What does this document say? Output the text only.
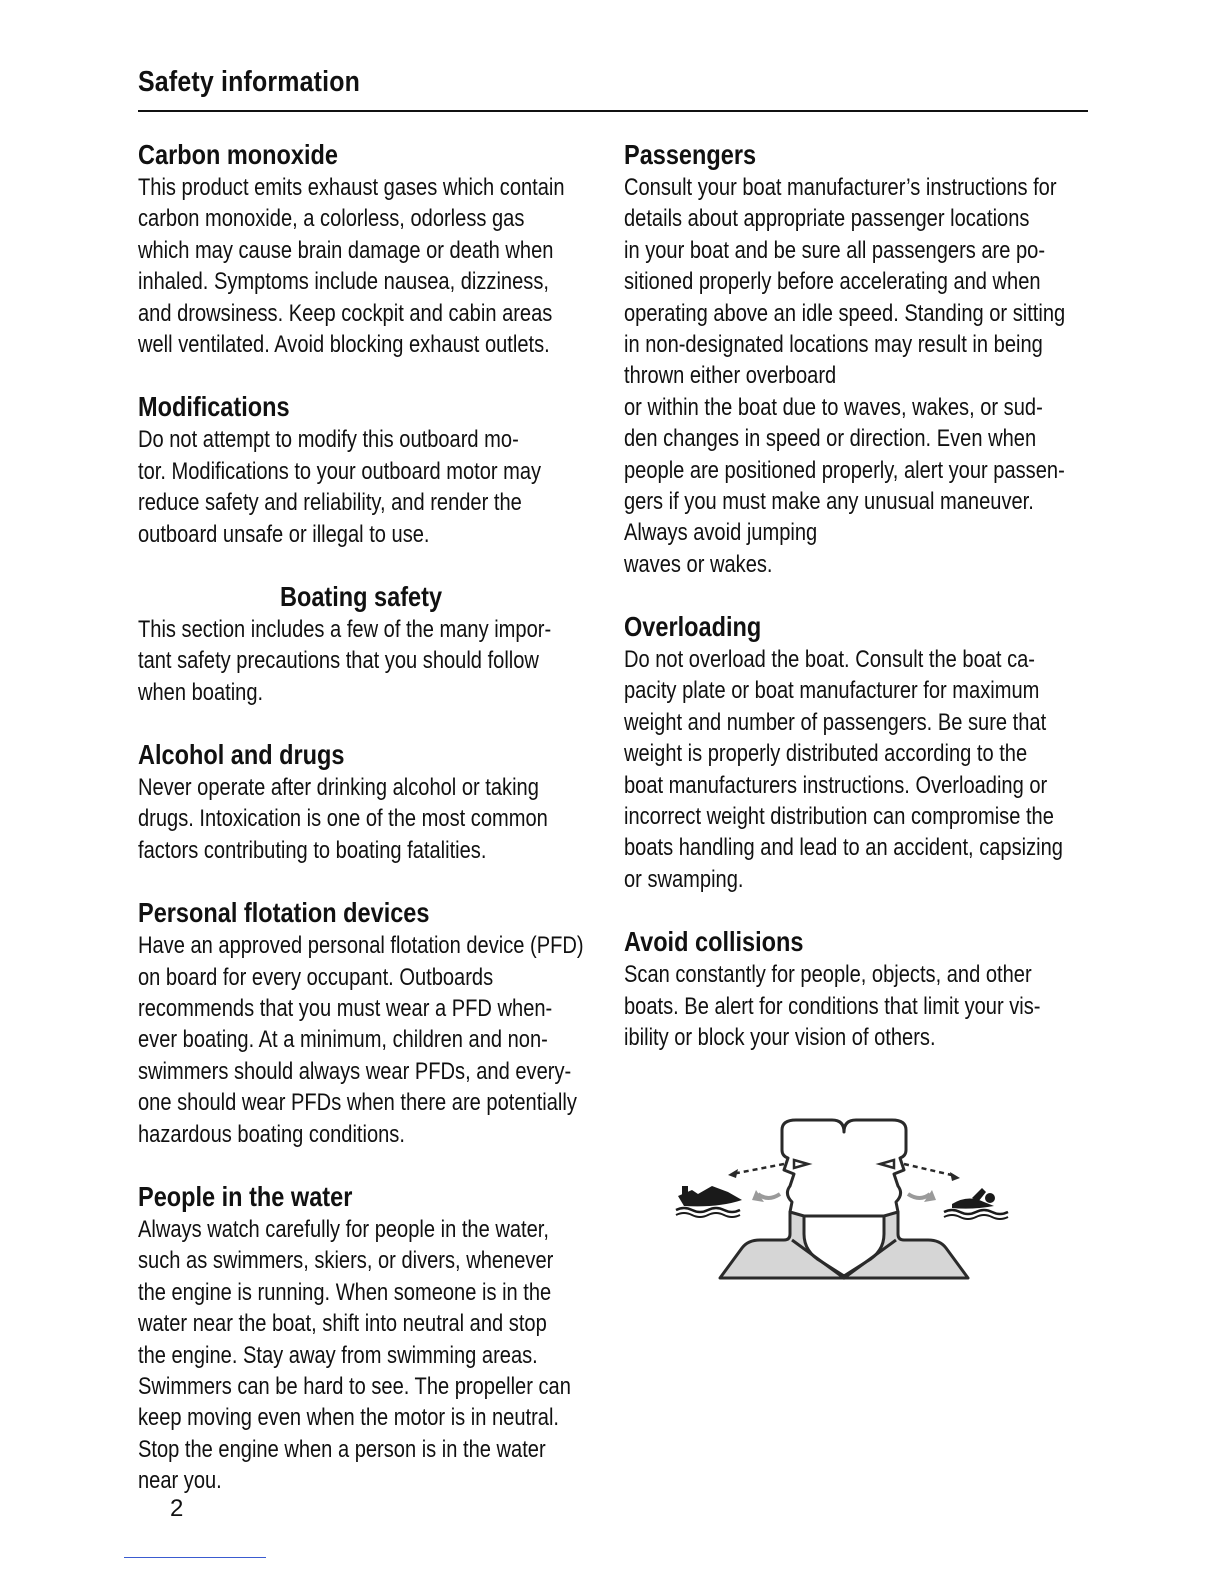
Safety information
Carbon monoxide
This product emits exhaust gases which contain
carbon monoxide, a colorless, odorless gas
which may cause brain damage or death when
inhaled. Symptoms include nausea, dizziness,
and drowsiness. Keep cockpit and cabin areas
well ventilated. Avoid blocking exhaust outlets.
Modifications
Do not attempt to modify this outboard mo-
tor. Modifications to your outboard motor may
reduce safety and reliability, and render the
outboard unsafe or illegal to use.
Boating safety
This section includes a few of the many impor-
tant safety precautions that you should follow
when boating.
Alcohol and drugs
Never operate after drinking alcohol or taking
drugs. Intoxication is one of the most common
factors contributing to boating fatalities.
Personal flotation devices
Have an approved personal flotation device (PFD)
on board for every occupant. Outboards
recommends that you must wear a PFD when-
ever boating. At a minimum, children and non-
swimmers should always wear PFDs, and every-
one should wear PFDs when there are potentially
hazardous boating conditions.
People in the water
Always watch carefully for people in the water,
such as swimmers, skiers, or divers, whenever
the engine is running. When someone is in the
water near the boat, shift into neutral and stop
the engine. Stay away from swimming areas.
Swimmers can be hard to see. The propeller can
keep moving even when the motor is in neutral.
Stop the engine when a person is in the water
near you.
Passengers
Consult your boat manufacturer’s instructions for
details about appropriate passenger locations
in your boat and be sure all passengers are po-
sitioned properly before accelerating and when
operating above an idle speed. Standing or sitting
in non-designated locations may result in being
thrown either overboard
or within the boat due to waves, wakes, or sud-
den changes in speed or direction. Even when
people are positioned properly, alert your passen-
gers if you must make any unusual maneuver.
Always avoid jumping
waves or wakes.
Overloading
Do not overload the boat. Consult the boat ca-
pacity plate or boat manufacturer for maximum
weight and number of passengers. Be sure that
weight is properly distributed according to the
boat manufacturers instructions. Overloading or
incorrect weight distribution can compromise the
boats handling and lead to an accident, capsizing
or swamping.
Avoid collisions
Scan constantly for people, objects, and other
boats. Be alert for conditions that limit your vis-
ibility or block your vision of others.
2
